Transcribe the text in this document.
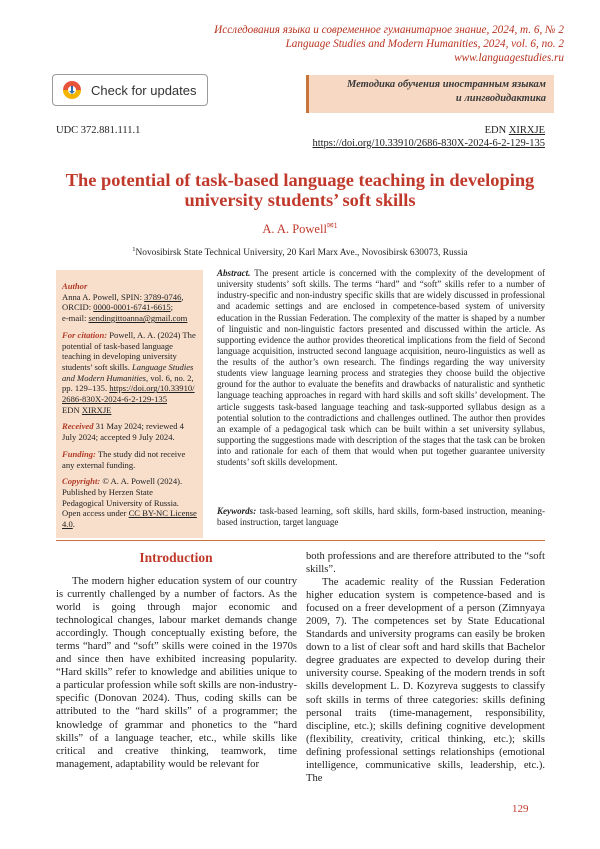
Исследования языка и современное гуманитарное знание, 2024, т. 6, № 2
Language Studies and Modern Humanities, 2024, vol. 6, no. 2
www.languagestudies.ru
Check for updates	Методика обучения иностранным языкам
и лингводидактика
UDC 372.881.111.1	EDN XIRXJE
https://doi.org/10.33910/2686-830X-2024-6-2-129-135
The potential of task-based language teaching in developing
university students’ soft skills
A. A. Powell$^{✉1}$
$^1$Novosibirsk State Technical University, 20 Karl Marx Ave., Novosibirsk 630073, Russia

Author
Anna A. Powell, SPIN: 3789-0746,
ORCID: 0000-0001-6741-6615;
e-mail: sendingittoanna@gmail.com

For citation: Powell, A. A. (2024) The potential of task-based language teaching in developing university students’ soft skills. Language Studies and Modern Humanities, vol. 6, no. 2, pp. 129–135. https://doi.org/10.33910/2686-830X-2024-6-2-129-135
EDN XIRXJE

Received 31 May 2024; reviewed 4 July 2024; accepted 9 July 2024.

Funding: The study did not receive any external funding.

Copyright: © A. A. Powell (2024). Published by Herzen State Pedagogical University of Russia. Open access under CC BY-NC License 4.0.

Abstract. The present article is concerned with the complexity of the development of university students’ soft skills. The terms “hard” and “soft” skills refer to a number of industry-specific and non-industry specific skills that are widely discussed in professional and academic settings and are enclosed in competence-based system of university education in the Russian Federation. The complexity of the matter is shaped by a number of linguistic and non-linguistic factors presented and discussed within the article. As supporting evidence the author provides theoretical implications from the field of Second language acquisition, instructed second language acquisition, neuro-linguistics as well as the results of the author’s own research. The findings regarding the way university students view language learning process and strategies they choose build the objective ground for the author to evaluate the benefits and drawbacks of naturalistic and synthetic language teaching approaches in regard with hard skills and soft skills’ development. The article suggests task-based language teaching and task-supported syllabus design as a potential solution to the contradictions and challenges outlined. The author then provides an example of a pedagogical task which can be built within a set university syllabus, supporting the suggestions made with description of the stages that the task can be broken into and rationale for each of them that would when put together guarantee university students’ soft skills development.
Keywords: task-based learning, soft skills, hard skills, form-based instruction, meaning-based instruction, target language
Introduction

The modern higher education system of our country is currently challenged by a number of factors. As the world is going through major economic and technological changes, labour market demands change accordingly. Though conceptually existing before, the terms “hard” and “soft” skills were coined in the 1970s and since then have exhibited increasing popularity. “Hard skills” refer to knowledge and abilities unique to a particular profession while soft skills are non-industry-specific (Donovan 2024). Thus, coding skills can be attributed to the “hard skills” of a programmer; the knowledge of grammar and phonetics to the “hard skills” of a language teacher, etc., while skills like critical and creative thinking, teamwork, time management, adaptability would be relevant for

both professions and are therefore attributed to the “soft skills”.

The academic reality of the Russian Federation higher education system is competence-based and is focused on a freer development of a person (Zimnyaya 2009, 7). The competences set by State Educational Standards and university programs can easily be broken down to a list of clear soft and hard skills that Bachelor degree graduates are expected to develop during their university course. Speaking of the modern trends in soft skills development L. D. Kozyreva suggests to classify soft skills in terms of three categories: skills defining personal traits (time-management, responsibility, discipline, etc.); skills defining cognitive development (flexibility, creativity, critical thinking, etc.); skills defining professional settings relationships (emotional intelligence, communicative skills, leadership, etc.). The

129
